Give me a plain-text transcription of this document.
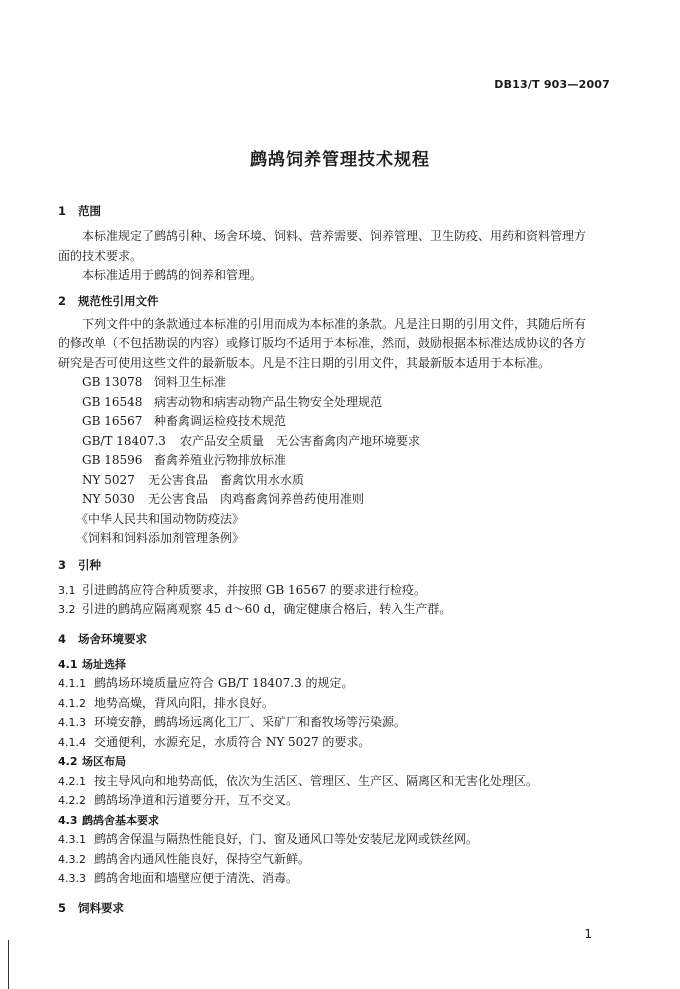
DB13/T 903—2007
鹧鸪饲养管理技术规程
1 范围
本标准规定了鹧鸪引种、场舍环境、饲料、营养需要、饲养管理、卫生防疫、用药和资料管理方
面的技术要求。
本标准适用于鹧鸪的饲养和管理。
2 规范性引用文件
下列文件中的条款通过本标准的引用而成为本标准的条款。凡是注日期的引用文件，其随后所有
的修改单（不包括勘误的内容）或修订版均不适用于本标准，然而，鼓励根据本标准达成协议的各方
研究是否可使用这些文件的最新版本。凡是不注日期的引用文件，其最新版本适用于本标准。
GB 13078 饲料卫生标准
GB 16548 病害动物和病害动物产品生物安全处理规范
GB 16567 种畜禽调运检疫技术规范
GB/T 18407.3 农产品安全质量　无公害畜禽肉产地环境要求
GB 18596 畜禽养殖业污物排放标准
NY 5027 无公害食品　畜禽饮用水水质
NY 5030 无公害食品　肉鸡畜禽饲养兽药使用准则
《中华人民共和国动物防疫法》
《饲料和饲料添加剂管理条例》
3 引种
3.1 引进鹧鸪应符合种质要求，并按照 GB 16567 的要求进行检疫。
3.2 引进的鹧鸪应隔离观察 45 d～60 d，确定健康合格后，转入生产群。
4 场舍环境要求
4.1 场址选择
4.1.1 鹧鸪场环境质量应符合 GB/T 18407.3 的规定。
4.1.2 地势高燥，背风向阳，排水良好。
4.1.3 环境安静，鹧鸪场远离化工厂、采矿厂和畜牧场等污染源。
4.1.4 交通便利，水源充足，水质符合 NY 5027 的要求。
4.2 场区布局
4.2.1 按主导风向和地势高低，依次为生活区、管理区、生产区、隔离区和无害化处理区。
4.2.2 鹧鸪场净道和污道要分开，互不交叉。
4.3 鹧鸪舍基本要求
4.3.1 鹧鸪舍保温与隔热性能良好，门、窗及通风口等处安装尼龙网或铁丝网。
4.3.2 鹧鸪舍内通风性能良好，保持空气新鲜。
4.3.3 鹧鸪舍地面和墙壁应便于清洗、消毒。
5 饲料要求
1
